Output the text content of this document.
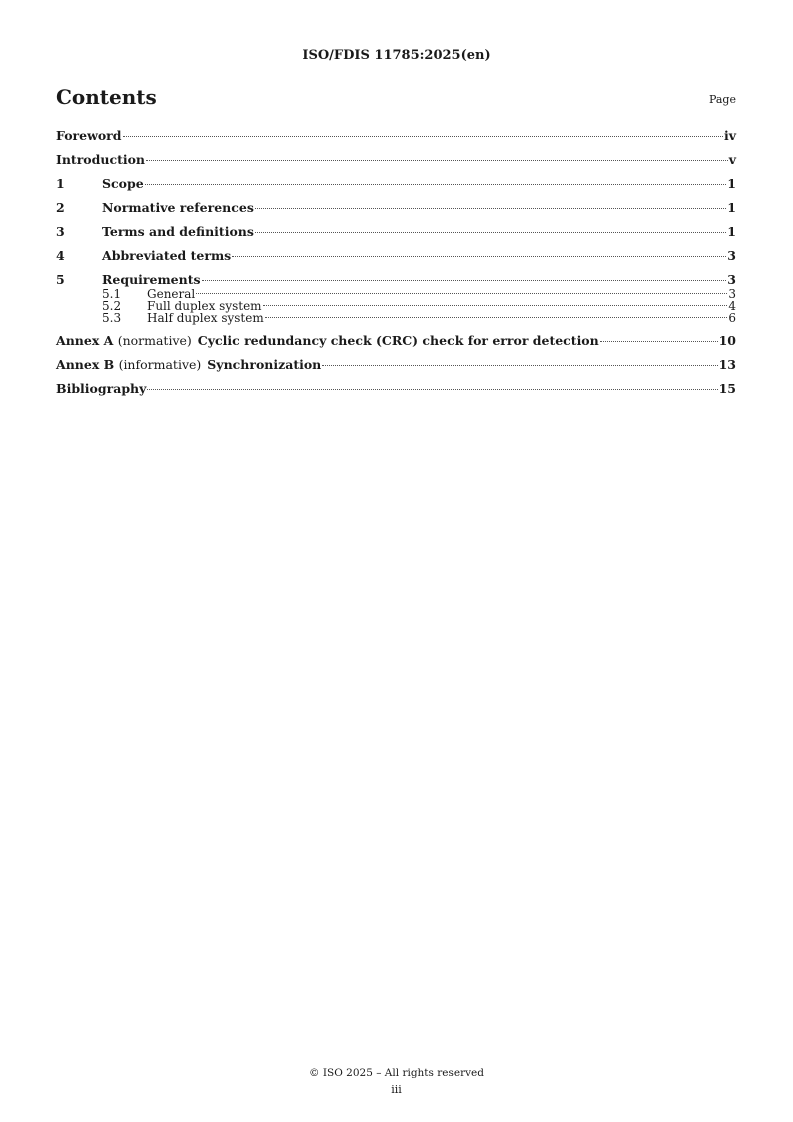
ISO/FDIS 11785:2025(en)
Contents	Page
Foreword	iv
Introduction	v
1	Scope	1
2	Normative references	1
3	Terms and definitions	1
4	Abbreviated terms	3
5	Requirements	3
5.1	General	3
5.2	Full duplex system	4
5.3	Half duplex system	6
Annex A (normative) Cyclic redundancy check (CRC) check for error detection	10
Annex B (informative) Synchronization	13
Bibliography	15
© ISO 2025 – All rights reserved
iii
